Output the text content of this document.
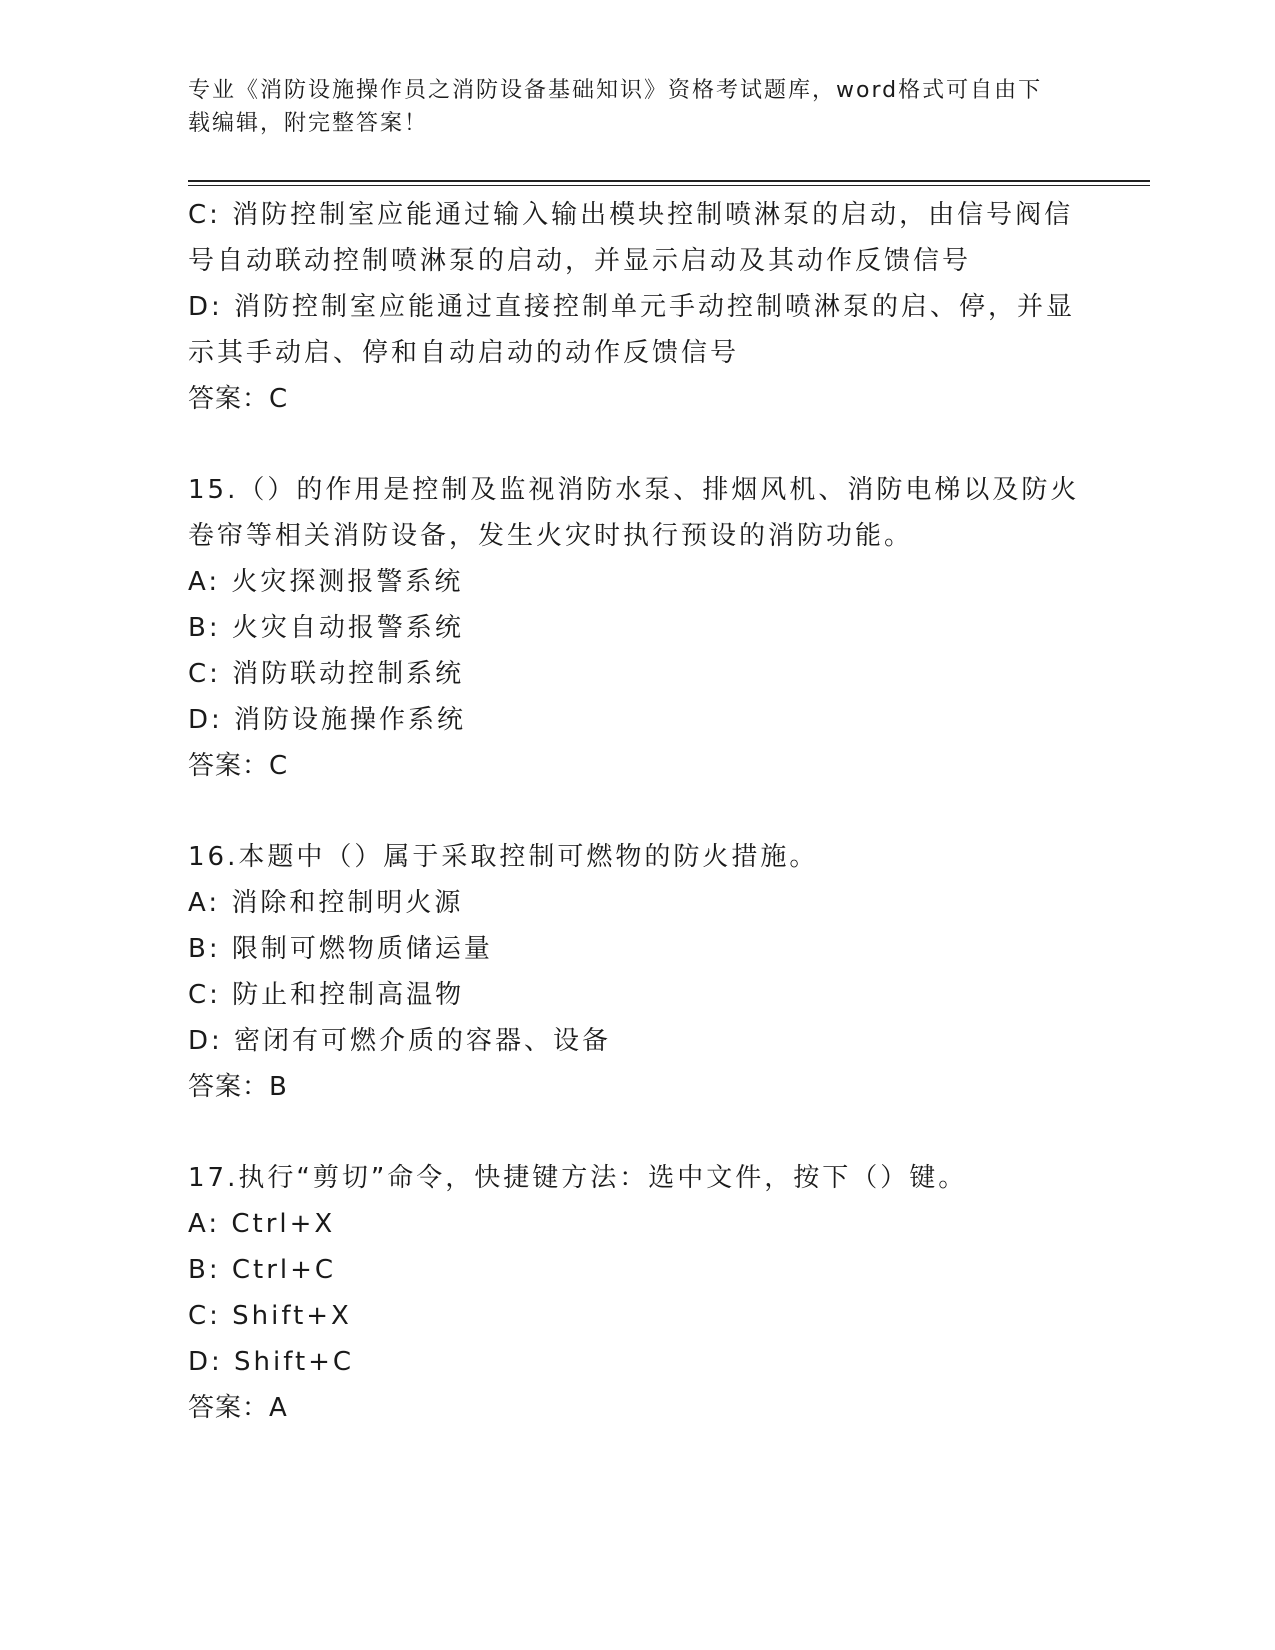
专业《消防设施操作员之消防设备基础知识》资格考试题库，word格式可自由下
载编辑，附完整答案！
C: 消防控制室应能通过输入输出模块控制喷淋泵的启动，由信号阀信
号自动联动控制喷淋泵的启动，并显示启动及其动作反馈信号
D: 消防控制室应能通过直接控制单元手动控制喷淋泵的启、停，并显
示其手动启、停和自动启动的动作反馈信号
答案：C
15.（）的作用是控制及监视消防水泵、排烟风机、消防电梯以及防火
卷帘等相关消防设备，发生火灾时执行预设的消防功能。
A: 火灾探测报警系统
B: 火灾自动报警系统
C: 消防联动控制系统
D: 消防设施操作系统
答案：C
16.本题中（）属于采取控制可燃物的防火措施。
A: 消除和控制明火源
B: 限制可燃物质储运量
C: 防止和控制高温物
D: 密闭有可燃介质的容器、设备
答案：B
17.执行“剪切”命令，快捷键方法：选中文件，按下（）键。
A: Ctrl+X
B: Ctrl+C
C: Shift+X
D: Shift+C
答案：A
